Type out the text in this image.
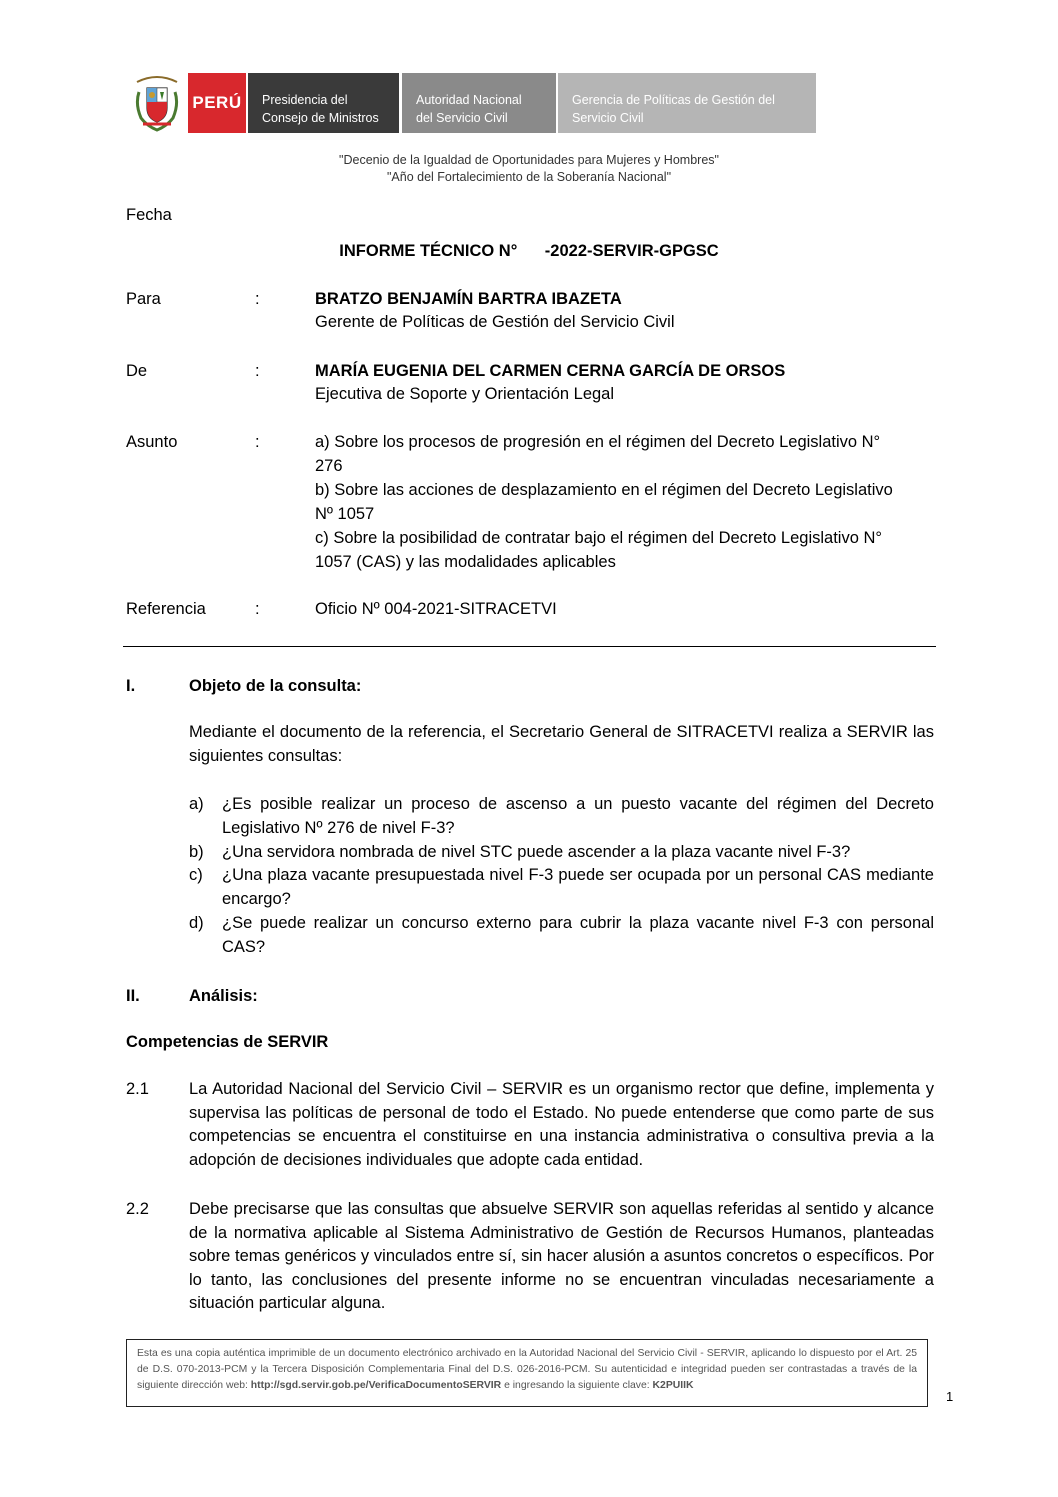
PERÚ	Presidencia del
Consejo de Ministros
Autoridad Nacional
del Servicio Civil
Gerencia de Políticas de Gestión del
Servicio Civil
"Decenio de la Igualdad de Oportunidades para Mujeres y Hombres"
"Año del Fortalecimiento de la Soberanía Nacional"
Fecha
INFORME TÉCNICO N°      -2022-SERVIR-GPGSC
Para	:	BRATZO BENJAMÍN BARTRA IBAZETA
Gerente de Políticas de Gestión del Servicio Civil
De	:	MARÍA EUGENIA DEL CARMEN CERNA GARCÍA DE ORSOS
Ejecutiva de Soporte y Orientación Legal
Asunto	:	a) Sobre los procesos de progresión en el régimen del Decreto Legislativo N°
276
b) Sobre las acciones de desplazamiento en el régimen del Decreto Legislativo
Nº 1057
c) Sobre la posibilidad de contratar bajo el régimen del Decreto Legislativo N°
1057 (CAS) y las modalidades aplicables
Referencia	:	Oficio Nº 004-2021-SITRACETVI
I.	Objeto de la consulta:
Mediante el documento de la referencia, el Secretario General de SITRACETVI realiza a SERVIR las siguientes consultas:
a) ¿Es posible realizar un proceso de ascenso a un puesto vacante del régimen del Decreto Legislativo Nº 276 de nivel F-3?
b) ¿Una servidora nombrada de nivel STC puede ascender a la plaza vacante nivel F-3?
c) ¿Una plaza vacante presupuestada nivel F-3 puede ser ocupada por un personal CAS mediante encargo?
d) ¿Se puede realizar un concurso externo para cubrir la plaza vacante nivel F-3 con personal CAS?
II.	Análisis:
Competencias de SERVIR
2.1 La Autoridad Nacional del Servicio Civil – SERVIR es un organismo rector que define, implementa y supervisa las políticas de personal de todo el Estado. No puede entenderse que como parte de sus competencias se encuentra el constituirse en una instancia administrativa o consultiva previa a la adopción de decisiones individuales que adopte cada entidad.
2.2 Debe precisarse que las consultas que absuelve SERVIR son aquellas referidas al sentido y alcance de la normativa aplicable al Sistema Administrativo de Gestión de Recursos Humanos, planteadas sobre temas genéricos y vinculados entre sí, sin hacer alusión a asuntos concretos o específicos. Por lo tanto, las conclusiones del presente informe no se encuentran vinculadas necesariamente a situación particular alguna.
Esta es una copia auténtica imprimible de un documento electrónico archivado en la Autoridad Nacional del Servicio Civil - SERVIR, aplicando lo dispuesto por el Art. 25 de D.S. 070-2013-PCM y la Tercera Disposición Complementaria Final del D.S. 026-2016-PCM. Su autenticidad e integridad pueden ser contrastadas a través de la siguiente dirección web: http://sgd.servir.gob.pe/VerificaDocumentoSERVIR e ingresando la siguiente clave: K2PUIIK
1
